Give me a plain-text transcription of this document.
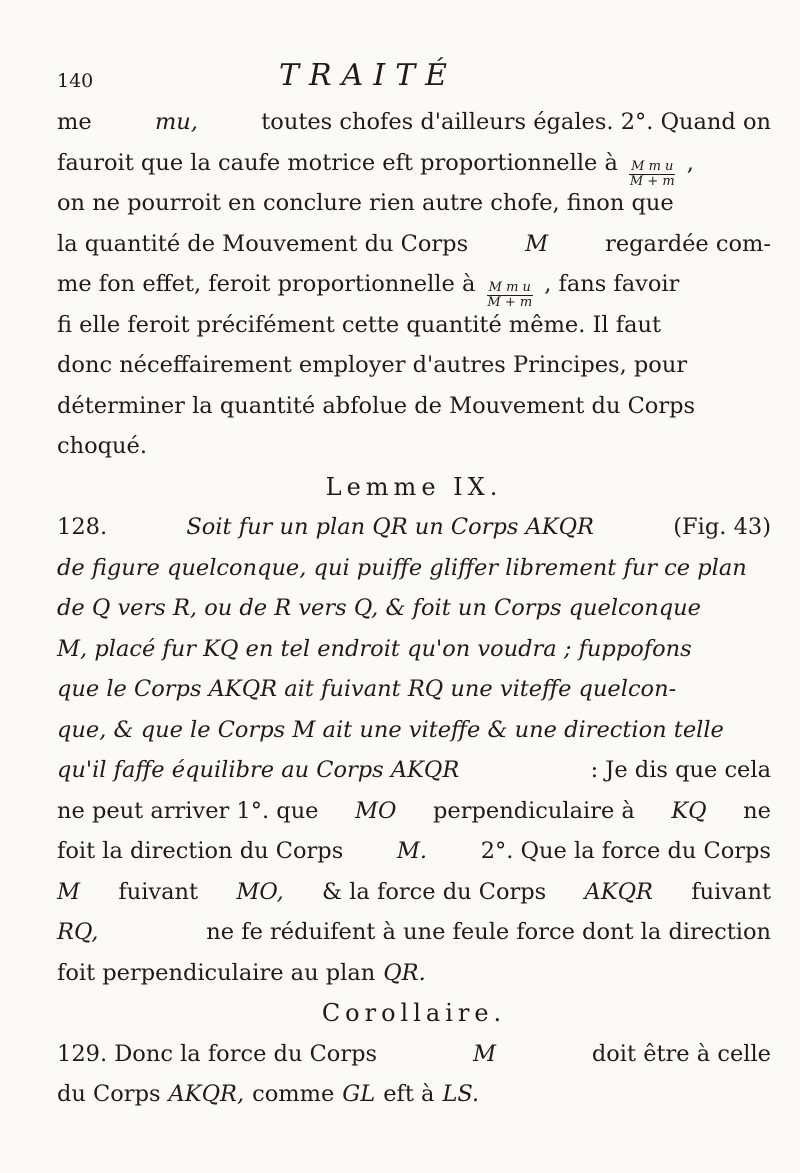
140	TRAITÉ
me	mu,	toutes chofes d'ailleurs égales. 2°. Quand on
fauroit que la caufe motrice eft proportionnelle à $\frac{\text{M m u}}{M + m}$ ,
on ne pourroit en conclure rien autre chofe, finon que
la quantité de Mouvement du Corps	M	regardée com-
me fon effet, feroit proportionnelle à $\frac{\text{M m u}}{M + m}$ , fans favoir
fi elle feroit précifément cette quantité même. Il faut
donc néceffairement employer d'autres Principes, pour
déterminer la quantité abfolue de Mouvement du Corps
choqué.
Lemme IX.
128.	Soit fur un plan QR un Corps AKQR	(Fig. 43)
de figure quelconque, qui puiffe gliffer librement fur ce plan
de Q vers R, ou de R vers Q, & foit un Corps quelconque
M, placé fur KQ en tel endroit qu'on voudra ; fuppofons
que le Corps AKQR ait fuivant RQ une viteffe quelcon-
que, & que le Corps M ait une viteffe & une direction telle
qu'il faffe équilibre au Corps AKQR	: Je dis que cela
ne peut arriver 1°. que MO perpendiculaire à KQ ne
foit la direction du Corps M. 2°. Que la force du Corps
M fuivant MO, & la force du Corps AKQR fuivant
RQ,	ne fe réduifent à une feule force dont la direction
foit perpendiculaire au plan QR.
Corollaire.
129. Donc la force du Corps	M	doit être à celle
du Corps AKQR, comme GL eft à LS.
